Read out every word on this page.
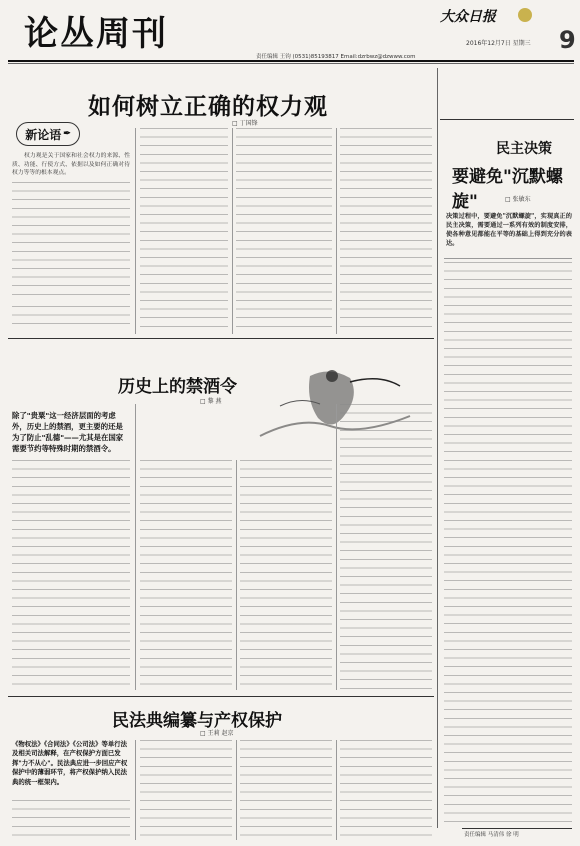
论丛周刊	大众日报
9
2016年12月7日 星期三
责任编辑 王钧 (0531)85193817 Email:dzrbwz@dzwww.com
如何树立正确的权力观
□ 丁国锋
新论语 ✒

权力观是关于国家和社会权力的来源、性质、功能、行使方式、依据以及如何正确对待权力等等的根本观点。

民主决策
要避免"沉默螺旋"	□ 张敏东
决策过程中，要避免"沉默螺旋"，实现真正的民主决策，需要通过一系列有效的制度安排，使各种意见都能在平等的基础上得到充分的表达。
历史上的禁酒令
□ 黎 燕
除了"贵粟"这一经济层面的考虑外，历史上的禁酒，更主要的还是为了防止"乱德"——尤其是在国家需要节约等特殊时期的禁酒令。
民法典编纂与产权保护
□ 王莉 赵京
《物权法》《合同法》《公司法》等单行法及相关司法解释，在产权保护方面已发挥"力不从心"。民法典应进一步回应产权保护中的薄弱环节，将产权保护纳入民法典的统一框架内。
责任编辑 马清伟 徐 明
